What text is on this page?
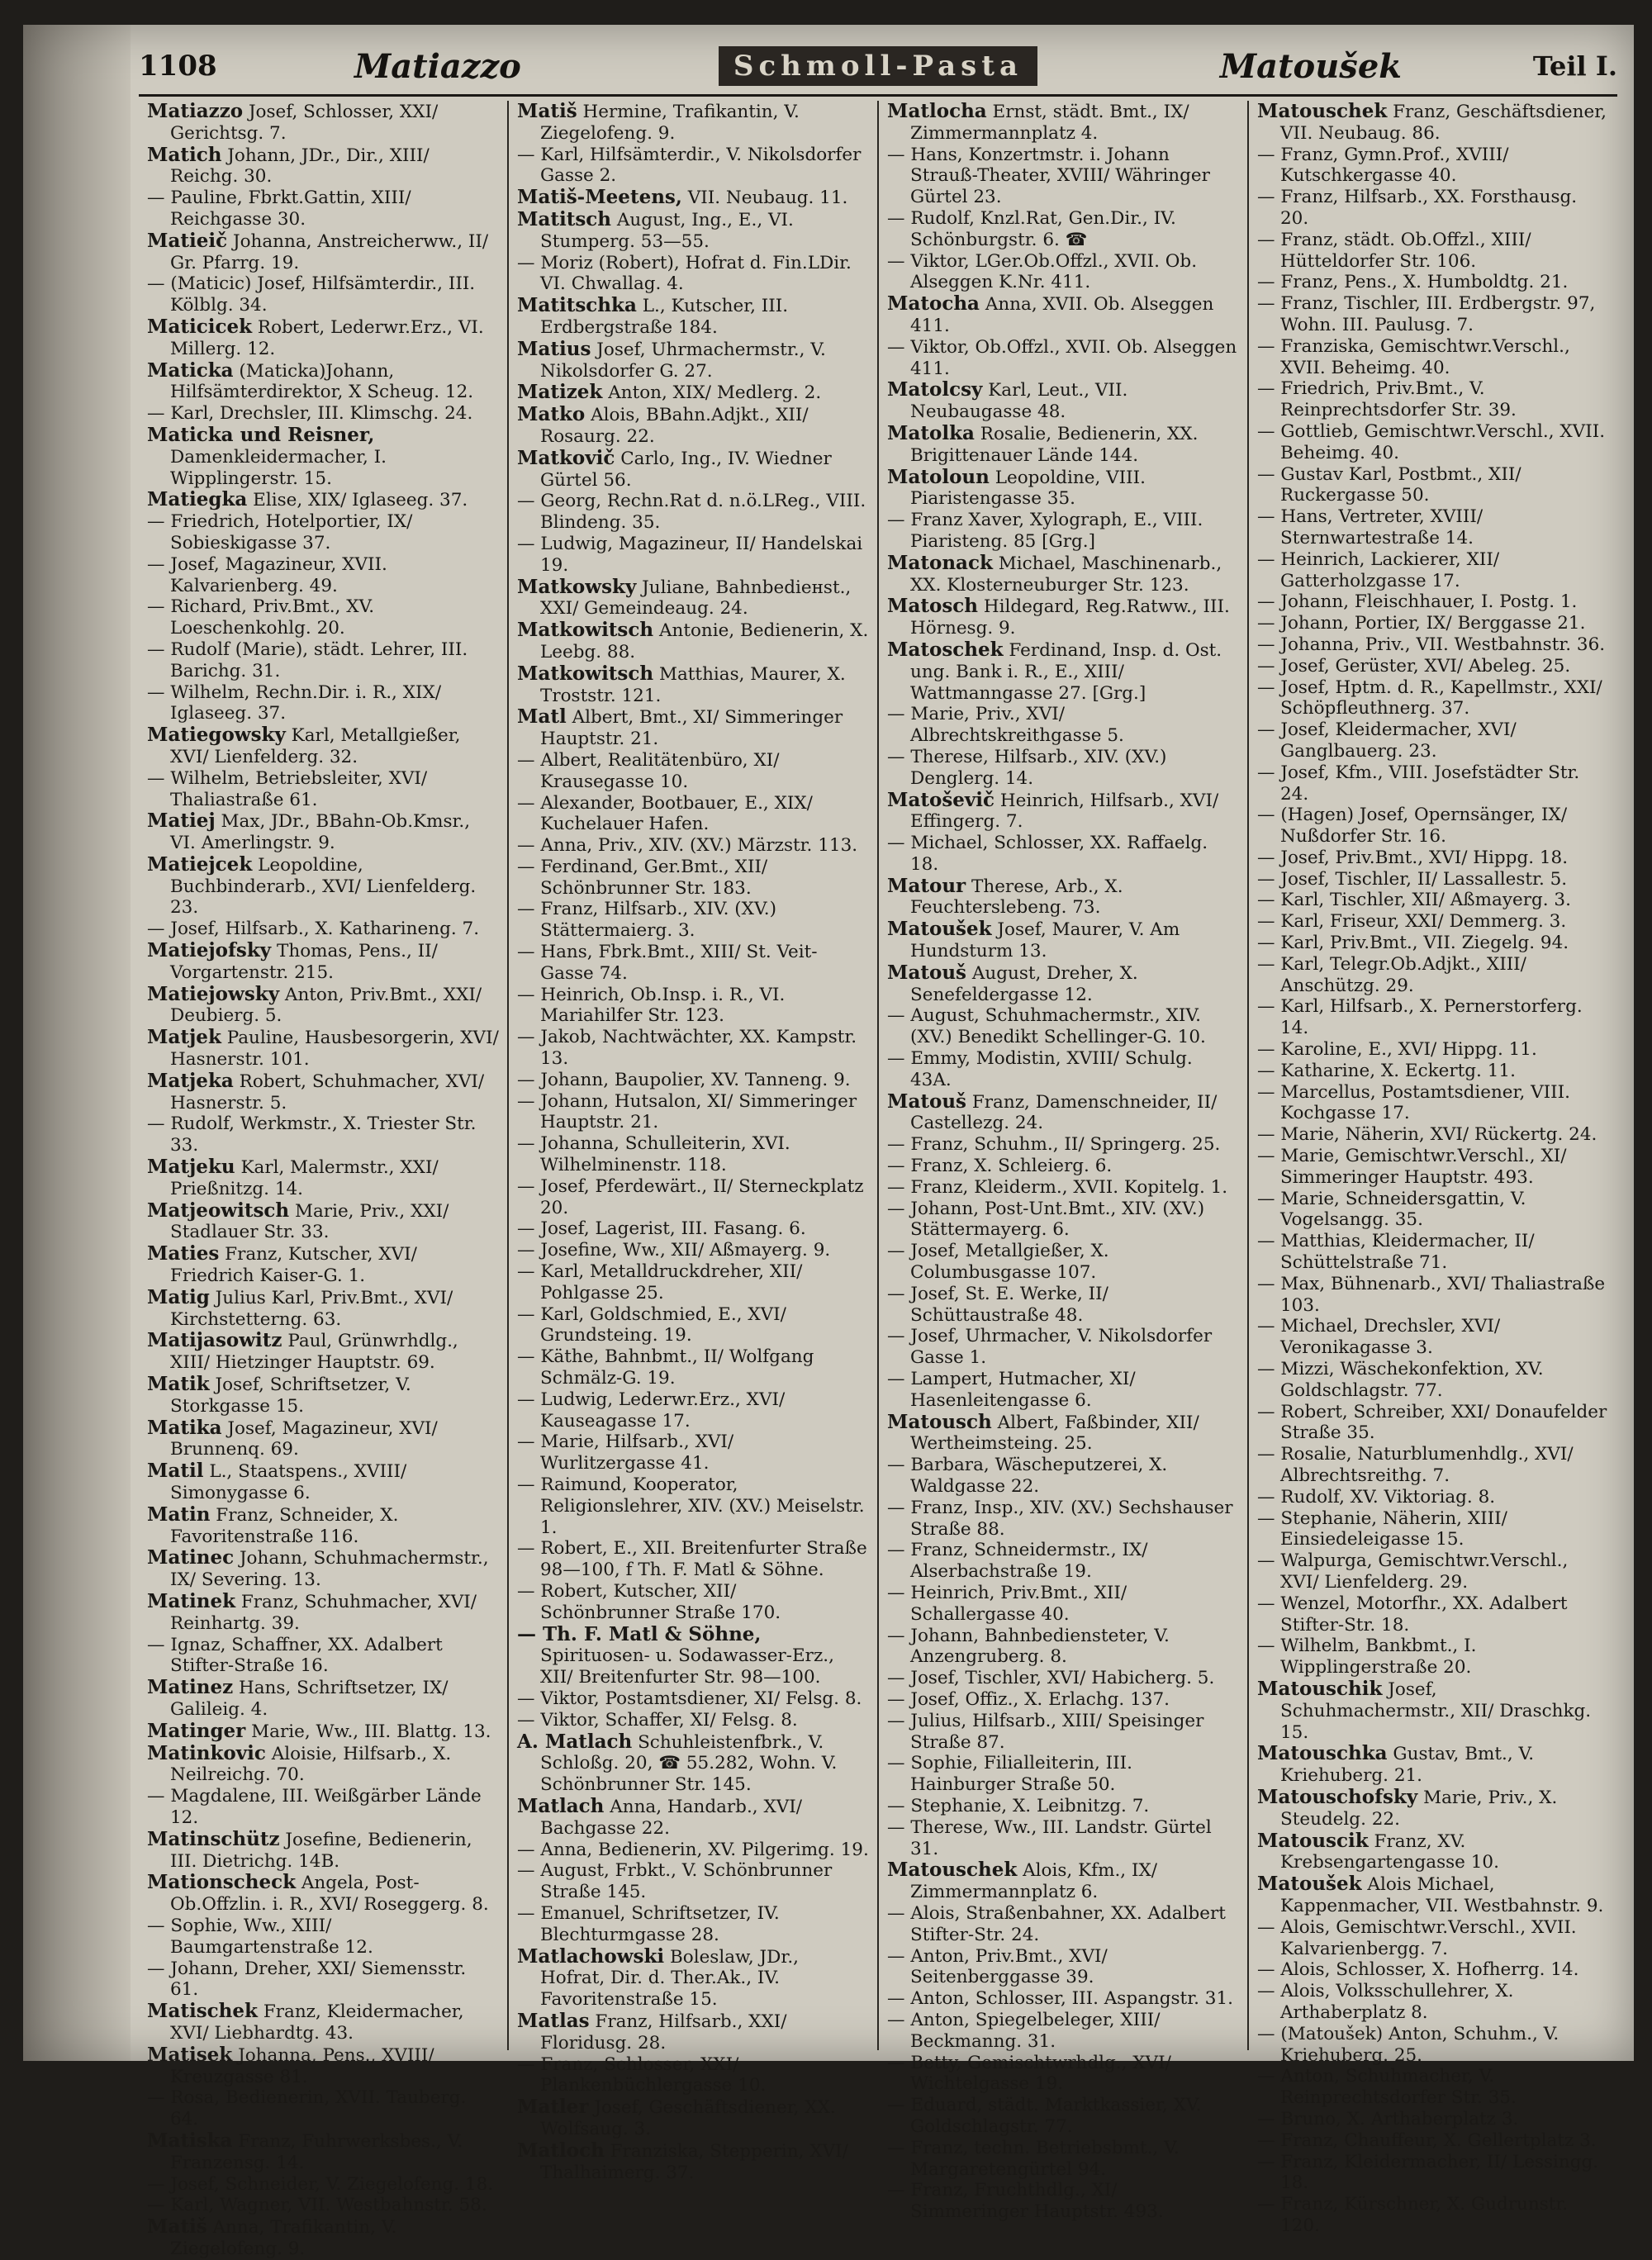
1108	Matiazzo	Schmoll-Pasta	Matoušek	Teil I.
Matiazzo Josef, Schlosser, XXI/ Gerichtsg. 7.
Matich Johann, JDr., Dir., XIII/ Reichg. 30.
— Pauline, Fbrkt.Gattin, XIII/ Reichgasse 30.
Matieič Johanna, Anstreicherww., II/ Gr. Pfarrg. 19.
— (Maticic) Josef, Hilfsämterdir., III. Kölblg. 34.
Maticicek Robert, Lederwr.Erz., VI. Millerg. 12.
Maticka (Maticka)Johann, Hilfsämterdirektor, X Scheug. 12.
— Karl, Drechsler, III. Klimschg. 24.
Maticka und Reisner, Damenkleidermacher, I. Wipplingerstr. 15.
Matiegka Elise, XIX/ Iglaseeg. 37.
— Friedrich, Hotelportier, IX/ Sobieskigasse 37.
— Josef, Magazineur, XVII. Kalvarienberg. 49.
— Richard, Priv.Bmt., XV. Loeschenkohlg. 20.
— Rudolf (Marie), städt. Lehrer, III. Barichg. 31.
— Wilhelm, Rechn.Dir. i. R., XIX/ Iglaseeg. 37.
Matiegowsky Karl, Metallgießer, XVI/ Lienfelderg. 32.
— Wilhelm, Betriebsleiter, XVI/ Thaliastraße 61.
Matiej Max, JDr., BBahn-Ob.Kmsr., VI. Amerlingstr. 9.
Matiejcek Leopoldine, Buchbinderarb., XVI/ Lienfelderg. 23.
— Josef, Hilfsarb., X. Katharineng. 7.
Matiejofsky Thomas, Pens., II/ Vorgartenstr. 215.
Matiejowsky Anton, Priv.Bmt., XXI/ Deubierg. 5.
Matjek Pauline, Hausbesorgerin, XVI/ Hasnerstr. 101.
Matjeka Robert, Schuhmacher, XVI/ Hasnerstr. 5.
— Rudolf, Werkmstr., X. Triester Str. 33.
Matjeku Karl, Malermstr., XXI/ Prießnitzg. 14.
Matjeowitsch Marie, Priv., XXI/ Stadlauer Str. 33.
Maties Franz, Kutscher, XVI/ Friedrich Kaiser-G. 1.
Matig Julius Karl, Priv.Bmt., XVI/ Kirchstetterng. 63.
Matijasowitz Paul, Grünwrhdlg., XIII/ Hietzinger Hauptstr. 69.
Matik Josef, Schriftsetzer, V. Storkgasse 15.
Matika Josef, Magazineur, XVI/ Brunnenq. 69.
Matil L., Staatspens., XVIII/ Simonygasse 6.
Matin Franz, Schneider, X. Favoritenstraße 116.
Matinec Johann, Schuhmachermstr., IX/ Severing. 13.
Matinek Franz, Schuhmacher, XVI/ Reinhartg. 39.
— Ignaz, Schaffner, XX. Adalbert Stifter-Straße 16.
Matinez Hans, Schriftsetzer, IX/ Galileig. 4.
Matinger Marie, Ww., III. Blattg. 13.
Matinkovic Aloisie, Hilfsarb., X. Neilreichg. 70.
— Magdalene, III. Weißgärber Lände 12.
Matinschütz Josefine, Bedienerin, III. Dietrichg. 14B.
Mationscheck Angela, Post-Ob.Offzlin. i. R., XVI/ Roseggerg. 8.
— Sophie, Ww., XIII/ Baumgartenstraße 12.
— Johann, Dreher, XXI/ Siemensstr. 61.
Matischek Franz, Kleidermacher, XVI/ Liebhardtg. 43.
Matisek Johanna, Pens., XVIII/ Kreuzgasse 81.
— Rosa, Bedienerin, XVII. Tauberg. 64.
Matiska Franz, Fuhrwerksbes., V. Franzensg. 14.
— Josef, Schneider, V. Ziegelofeng. 18.
— Karl, Wagner, VII. Westbahnstr. 58.
Matiš Anna, Trafikantin, V. Ziegelofeng. 9.
Matiš Hermine, Trafikantin, V. Ziegelofeng. 9.
— Karl, Hilfsämterdir., V. Nikolsdorfer Gasse 2.
Matiš-Meetens, VII. Neubaug. 11.
Matitsch August, Ing., E., VI. Stumperg. 53—55.
— Moriz (Robert), Hofrat d. Fin.LDir. VI. Chwallag. 4.
Matitschka L., Kutscher, III. Erdbergstraße 184.
Matius Josef, Uhrmachermstr., V. Nikolsdorfer G. 27.
Matizek Anton, XIX/ Medlerg. 2.
Matko Alois, BBahn.Adjkt., XII/ Rosaurg. 22.
Matkovič Carlo, Ing., IV. Wiedner Gürtel 56.
— Georg, Rechn.Rat d. n.ö.LReg., VIII. Blindeng. 35.
— Ludwig, Magazineur, II/ Handelskai 19.
Matkowsky Juliane, Bahnbediенst., XXI/ Gemeindeaug. 24.
Matkowitsch Antonie, Bedienerin, X. Leebg. 88.
Matkowitsch Matthias, Maurer, X. Troststr. 121.
Matl Albert, Bmt., XI/ Simmeringer Hauptstr. 21.
— Albert, Realitätenbüro, XI/ Krausegasse 10.
— Alexander, Bootbauer, E., XIX/ Kuchelauer Hafen.
— Anna, Priv., XIV. (XV.) Märzstr. 113.
— Ferdinand, Ger.Bmt., XII/ Schönbrunner Str. 183.
— Franz, Hilfsarb., XIV. (XV.) Stättermaierg. 3.
— Hans, Fbrk.Bmt., XIII/ St. Veit-Gasse 74.
— Heinrich, Ob.Insp. i. R., VI. Mariahilfer Str. 123.
— Jakob, Nachtwächter, XX. Kampstr. 13.
— Johann, Baupolier, XV. Tanneng. 9.
— Johann, Hutsalon, XI/ Simmeringer Hauptstr. 21.
— Johanna, Schulleiterin, XVI. Wilhelminenstr. 118.
— Josef, Pferdewärt., II/ Sterneckplatz 20.
— Josef, Lagerist, III. Fasang. 6.
— Josefine, Ww., XII/ Aßmayerg. 9.
— Karl, Metalldruckdreher, XII/ Pohlgasse 25.
— Karl, Goldschmied, E., XVI/ Grundsteing. 19.
— Käthe, Bahnbmt., II/ Wolfgang Schmälz-G. 19.
— Ludwig, Lederwr.Erz., XVI/ Kauseagasse 17.
— Marie, Hilfsarb., XVI/ Wurlitzergasse 41.
— Raimund, Kooperator, Religionslehrer, XIV. (XV.) Meiselstr. 1.
— Robert, E., XII. Breitenfurter Straße 98—100, f Th. F. Matl & Söhne.
— Robert, Kutscher, XII/ Schönbrunner Straße 170.
— Th. F. Matl & Söhne, Spirituosen- u. Sodawasser-Erz., XII/ Breitenfurter Str. 98—100.
— Viktor, Postamtsdiener, XI/ Felsg. 8.
— Viktor, Schaffer, XI/ Felsg. 8.
A. Matlach Schuhleistenfbrk., V. Schloßg. 20, ☎ 55.282, Wohn. V. Schönbrunner Str. 145.
Matlach Anna, Handarb., XVI/ Bachgasse 22.
— Anna, Bedienerin, XV. Pilgerimg. 19.
— August, Frbkt., V. Schönbrunner Straße 145.
— Emanuel, Schriftsetzer, IV. Blechturmgasse 28.
Matlachowski Boleslaw, JDr., Hofrat, Dir. d. Ther.Ak., IV. Favoritenstraße 15.
Matlas Franz, Hilfsarb., XXI/ Floridusg. 28.
— Franz, Schlosser, XXI/ Plankenbüchlergasse 10.
Matler Josef, Geschäftsdiener, XX. Wolfsaug. 3.
Matloch Franziska, Stepperin, XVI/ Thalhaimerg. 37.
Matlocha Ernst, städt. Bmt., IX/ Zimmermannplatz 4.
— Hans, Konzertmstr. i. Johann Strauß-Theater, XVIII/ Währinger Gürtel 23.
— Rudolf, Knzl.Rat, Gen.Dir., IV. Schönburgstr. 6. ☎
— Viktor, LGer.Ob.Offzl., XVII. Ob. Alseggen K.Nr. 411.
Matocha Anna, XVII. Ob. Alseggen 411.
— Viktor, Ob.Offzl., XVII. Ob. Alseggen 411.
Matolcsy Karl, Leut., VII. Neubaugasse 48.
Matolka Rosalie, Bedienerin, XX. Brigittenauer Lände 144.
Matoloun Leopoldine, VIII. Piaristengasse 35.
— Franz Xaver, Xylograph, E., VIII. Piaristeng. 85 [Grg.]
Matonack Michael, Maschinenarb., XX. Klosterneuburger Str. 123.
Matosch Hildegard, Reg.Ratww., III. Hörnesg. 9.
Matoschek Ferdinand, Insp. d. Ost. ung. Bank i. R., E., XIII/ Wattmanngasse 27. [Grg.]
— Marie, Priv., XVI/ Albrechtskreithgasse 5.
— Therese, Hilfsarb., XIV. (XV.) Denglerg. 14.
Matoševič Heinrich, Hilfsarb., XVI/ Effingerg. 7.
— Michael, Schlosser, XX. Raffaelg. 18.
Matour Therese, Arb., X. Feuchterslebeng. 73.
Matoušek Josef, Maurer, V. Am Hundsturm 13.
Matouš August, Dreher, X. Senefeldergasse 12.
— August, Schuhmachermstr., XIV. (XV.) Benedikt Schellinger-G. 10.
— Emmy, Modistin, XVIII/ Schulg. 43A.
Matouš Franz, Damenschneider, II/ Castellezg. 24.
— Franz, Schuhm., II/ Springerg. 25.
— Franz, X. Schleierg. 6.
— Franz, Kleiderm., XVII. Kopitelg. 1.
— Johann, Post-Unt.Bmt., XIV. (XV.) Stättermayerg. 6.
— Josef, Metallgießer, X. Columbusgasse 107.
— Josef, St. E. Werke, II/ Schüttaustraße 48.
— Josef, Uhrmacher, V. Nikolsdorfer Gasse 1.
— Lampert, Hutmacher, XI/ Hasenleitengasse 6.
Matousch Albert, Faßbinder, XII/ Wertheimsteing. 25.
— Barbara, Wäscheputzerei, X. Waldgasse 22.
— Franz, Insp., XIV. (XV.) Sechshauser Straße 88.
— Franz, Schneidermstr., IX/ Alserbachstraße 19.
— Heinrich, Priv.Bmt., XII/ Schallergasse 40.
— Johann, Bahnbediensteter, V. Anzengruberg. 8.
— Josef, Tischler, XVI/ Habicherg. 5.
— Josef, Offiz., X. Erlachg. 137.
— Julius, Hilfsarb., XIII/ Speisinger Straße 87.
— Sophie, Filialleiterin, III. Hainburger Straße 50.
— Stephanie, X. Leibnitzg. 7.
— Therese, Ww., III. Landstr. Gürtel 31.
Matouschek Alois, Kfm., IX/ Zimmermannplatz 6.
— Alois, Straßenbahner, XX. Adalbert Stifter-Str. 24.
— Anton, Priv.Bmt., XVI/ Seitenberggasse 39.
— Anton, Schlosser, III. Aspangstr. 31.
— Anton, Spiegelbeleger, XIII/ Beckmanng. 31.
— Betty, Gemischtwrhdlg., XVI/ Wichtelgasse 19.
— Eduard, städt. Marktkassier, XV. Goldschlagstr. 77.
— Franz, techn. Betriebsbmt., V. Margaretengürtel 94.
— Franz, Fruchthdlg., XI/ Simmeringer Hauptstr. 493.
Matouschek Franz, Geschäftsdiener, VII. Neubaug. 86.
— Franz, Gymn.Prof., XVIII/ Kutschkergasse 40.
— Franz, Hilfsarb., XX. Forsthausg. 20.
— Franz, städt. Ob.Offzl., XIII/ Hütteldorfer Str. 106.
— Franz, Pens., X. Humboldtg. 21.
— Franz, Tischler, III. Erdbergstr. 97, Wohn. III. Paulusg. 7.
— Franziska, Gemischtwr.Verschl., XVII. Beheimg. 40.
— Friedrich, Priv.Bmt., V. Reinprechtsdorfer Str. 39.
— Gottlieb, Gemischtwr.Verschl., XVII. Beheimg. 40.
— Gustav Karl, Postbmt., XII/ Ruckergasse 50.
— Hans, Vertreter, XVIII/ Sternwartestraße 14.
— Heinrich, Lackierer, XII/ Gatterholzgasse 17.
— Johann, Fleischhauer, I. Postg. 1.
— Johann, Portier, IX/ Berggasse 21.
— Johanna, Priv., VII. Westbahnstr. 36.
— Josef, Gerüster, XVI/ Abeleg. 25.
— Josef, Hptm. d. R., Kapellmstr., XXI/ Schöpfleuthnerg. 37.
— Josef, Kleidermacher, XVI/ Ganglbauerg. 23.
— Josef, Kfm., VIII. Josefstädter Str. 24.
— (Hagen) Josef, Opernsänger, IX/ Nußdorfer Str. 16.
— Josef, Priv.Bmt., XVI/ Hippg. 18.
— Josef, Tischler, II/ Lassallestr. 5.
— Karl, Tischler, XII/ Aßmayerg. 3.
— Karl, Friseur, XXI/ Demmerg. 3.
— Karl, Priv.Bmt., VII. Ziegelg. 94.
— Karl, Telegr.Ob.Adjkt., XIII/ Anschützg. 29.
— Karl, Hilfsarb., X. Pernerstorferg. 14.
— Karoline, E., XVI/ Hippg. 11.
— Katharine, X. Eckertg. 11.
— Marcellus, Postamtsdiener, VIII. Kochgasse 17.
— Marie, Näherin, XVI/ Rückertg. 24.
— Marie, Gemischtwr.Verschl., XI/ Simmeringer Hauptstr. 493.
— Marie, Schneidersgattin, V. Vogelsangg. 35.
— Matthias, Kleidermacher, II/ Schüttelstraße 71.
— Max, Bühnenarb., XVI/ Thaliastraße 103.
— Michael, Drechsler, XVI/ Veronikagasse 3.
— Mizzi, Wäschekonfektion, XV. Goldschlagstr. 77.
— Robert, Schreiber, XXI/ Donaufelder Straße 35.
— Rosalie, Naturblumenhdlg., XVI/ Albrechtsreithg. 7.
— Rudolf, XV. Viktoriag. 8.
— Stephanie, Näherin, XIII/ Einsiedeleigasse 15.
— Walpurga, Gemischtwr.Verschl., XVI/ Lienfelderg. 29.
— Wenzel, Motorfhr., XX. Adalbert Stifter-Str. 18.
— Wilhelm, Bankbmt., I. Wipplingerstraße 20.
Matouschik Josef, Schuhmachermstr., XII/ Draschkg. 15.
Matouschka Gustav, Bmt., V. Kriehuberg. 21.
Matouschofsky Marie, Priv., X. Steudelg. 22.
Matouscik Franz, XV. Krebsengartengasse 10.
Matoušek Alois Michael, Kappenmacher, VII. Westbahnstr. 9.
— Alois, Gemischtwr.Verschl., XVII. Kalvarienbergg. 7.
— Alois, Schlosser, X. Hofherrg. 14.
— Alois, Volksschullehrer, X. Arthaberplatz 8.
— (Matoušek) Anton, Schuhm., V. Kriehuberg. 25.
— Anton, Schuhmacher, V. Reinprechtsdorfer Str. 35.
— Bruno, X. Arthaberplatz 3.
— Franz, Chauffeur, X. Gellertplatz 3.
— Franz, Kleidermacher, II/ Lessingg. 18.
— Franz, Kürschner, X. Gudrunstr. 120.
